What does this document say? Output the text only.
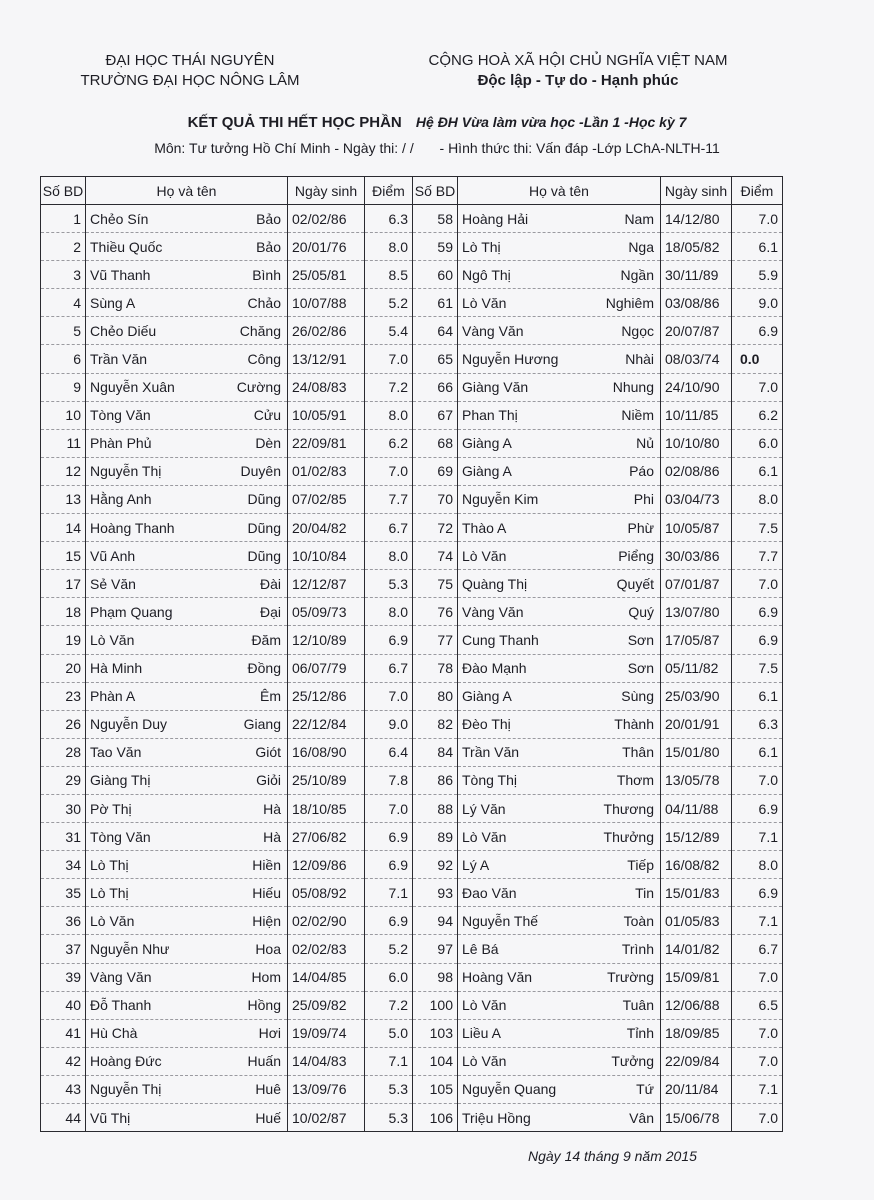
ĐẠI HỌC THÁI NGUYÊN
TRƯỜNG ĐẠI HỌC NÔNG LÂM
CỘNG HOÀ XÃ HỘI CHỦ NGHĨA VIỆT NAM
Độc lập - Tự do - Hạnh phúc
KẾT QUẢ THI HẾT HỌC PHẦN Hệ ĐH Vừa làm vừa học -Lần 1 -Học kỳ 7
Môn: Tư tưởng Hồ Chí Minh - Ngày thi: / / - Hình thức thi: Vấn đáp -Lớp LChA-NLTH-11
Số BD	Họ và tên	Ngày sinh	Điểm	Số BD	Họ và tên	Ngày sinh	Điểm
1	Chẻo Sín Bảo	02/02/86	6.3	58	Hoàng Hải Nam	14/12/80	7.0
2	Thiều Quốc Bảo	20/01/76	8.0	59	Lò Thị Nga	18/05/82	6.1
3	Vũ Thanh Bình	25/05/81	8.5	60	Ngô Thị Ngần	30/11/89	5.9
4	Sùng A Chảo	10/07/88	5.2	61	Lò Văn Nghiêm	03/08/86	9.0
5	Chẻo Diếu Chăng	26/02/86	5.4	64	Vàng Văn Ngọc	20/07/87	6.9
6	Trần Văn Công	13/12/91	7.0	65	Nguyễn Hương Nhài	08/03/74	0.0
9	Nguyễn Xuân Cường	24/08/83	7.2	66	Giàng Văn Nhung	24/10/90	7.0
10	Tòng Văn Cửu	10/05/91	8.0	67	Phan Thị Niềm	10/11/85	6.2
11	Phàn Phủ Dèn	22/09/81	6.2	68	Giàng A Nủ	10/10/80	6.0
12	Nguyễn Thị Duyên	01/02/83	7.0	69	Giàng A Páo	02/08/86	6.1
13	Hằng Anh Dũng	07/02/85	7.7	70	Nguyễn Kim Phi	03/04/73	8.0
14	Hoàng Thanh Dũng	20/04/82	6.7	72	Thào A Phừ	10/05/87	7.5
15	Vũ Anh Dũng	10/10/84	8.0	74	Lò Văn Piểng	30/03/86	7.7
17	Sẻ Văn Đài	12/12/87	5.3	75	Quàng Thị Quyết	07/01/87	7.0
18	Phạm Quang Đại	05/09/73	8.0	76	Vàng Văn Quý	13/07/80	6.9
19	Lò Văn Đăm	12/10/89	6.9	77	Cung Thanh Sơn	17/05/87	6.9
20	Hà Minh Đồng	06/07/79	6.7	78	Đào Mạnh Sơn	05/11/82	7.5
23	Phàn A Êm	25/12/86	7.0	80	Giàng A Sùng	25/03/90	6.1
26	Nguyễn Duy Giang	22/12/84	9.0	82	Đèo Thị Thành	20/01/91	6.3
28	Tao Văn Giót	16/08/90	6.4	84	Trần Văn Thân	15/01/80	6.1
29	Giàng Thị Giỏi	25/10/89	7.8	86	Tòng Thị Thơm	13/05/78	7.0
30	Pờ Thị Hà	18/10/85	7.0	88	Lý Văn Thương	04/11/88	6.9
31	Tòng Văn Hà	27/06/82	6.9	89	Lò Văn Thưởng	15/12/89	7.1
34	Lò Thị Hiền	12/09/86	6.9	92	Lý A Tiếp	16/08/82	8.0
35	Lò Thị Hiếu	05/08/92	7.1	93	Đao Văn Tin	15/01/83	6.9
36	Lò Văn Hiện	02/02/90	6.9	94	Nguyễn Thế Toàn	01/05/83	7.1
37	Nguyễn Như Hoa	02/02/83	5.2	97	Lê Bá Trình	14/01/82	6.7
39	Vàng Văn Hom	14/04/85	6.0	98	Hoàng Văn Trường	15/09/81	7.0
40	Đỗ Thanh Hồng	25/09/82	7.2	100	Lò Văn Tuân	12/06/88	6.5
41	Hù Chà Hơi	19/09/74	5.0	103	Liều A Tỉnh	18/09/85	7.0
42	Hoàng Đức Huấn	14/04/83	7.1	104	Lò Văn Tưởng	22/09/84	7.0
43	Nguyễn Thị Huê	13/09/76	5.3	105	Nguyễn Quang Tứ	20/11/84	7.1
44	Vũ Thị Huế	10/02/87	5.3	106	Triệu Hồng Vân	15/06/78	7.0
Ngày 14 tháng 9 năm 2015
